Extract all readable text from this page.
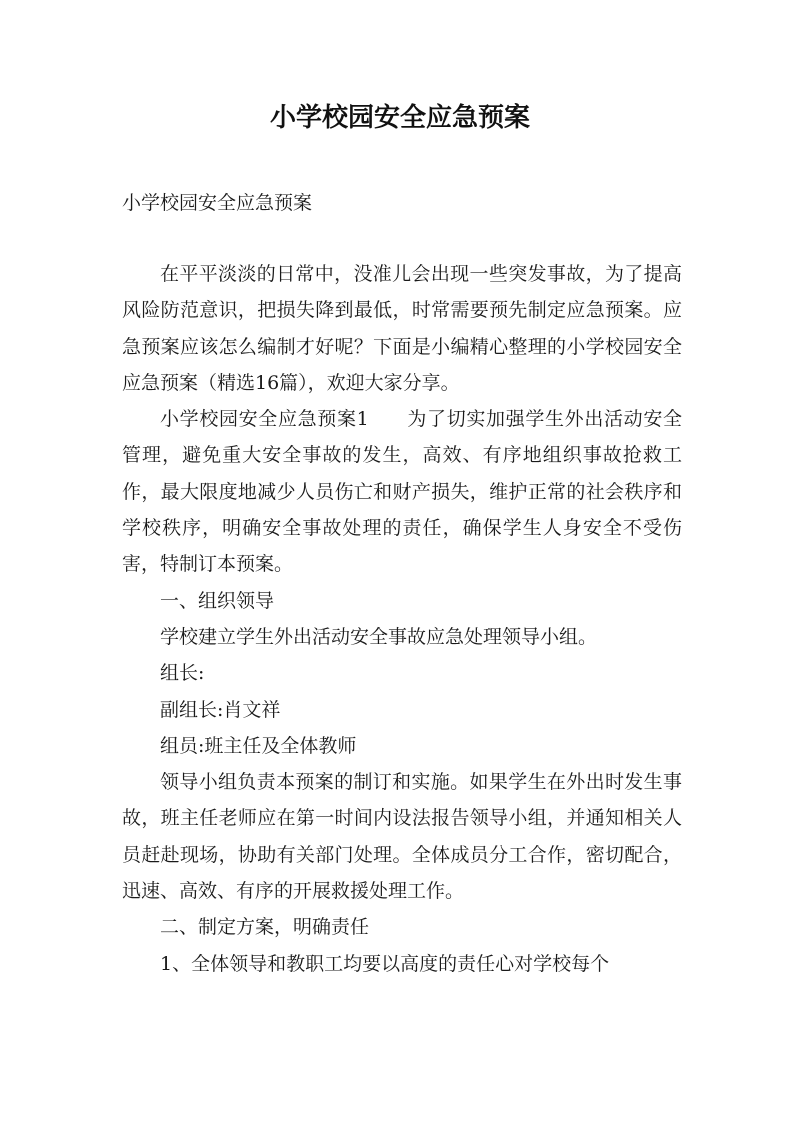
小学校园安全应急预案

小学校园安全应急预案

在平平淡淡的日常中，没准儿会出现一些突发事故，为了提高风险防范意识，把损失降到最低，时常需要预先制定应急预案。应急预案应该怎么编制才好呢？下面是小编精心整理的小学校园安全应急预案（精选16篇），欢迎大家分享。

小学校园安全应急预案1 为了切实加强学生外出活动安全管理，避免重大安全事故的发生，高效、有序地组织事故抢救工作，最大限度地减少人员伤亡和财产损失，维护正常的社会秩序和学校秩序，明确安全事故处理的责任，确保学生人身安全不受伤害，特制订本预案。

一、组织领导

学校建立学生外出活动安全事故应急处理领导小组。

组长:

副组长:肖文祥

组员:班主任及全体教师

领导小组负责本预案的制订和实施。如果学生在外出时发生事故，班主任老师应在第一时间内设法报告领导小组，并通知相关人员赶赴现场，协助有关部门处理。全体成员分工合作，密切配合，迅速、高效、有序的开展救援处理工作。

二、制定方案，明确责任

1、全体领导和教职工均要以高度的责任心对学校每个
